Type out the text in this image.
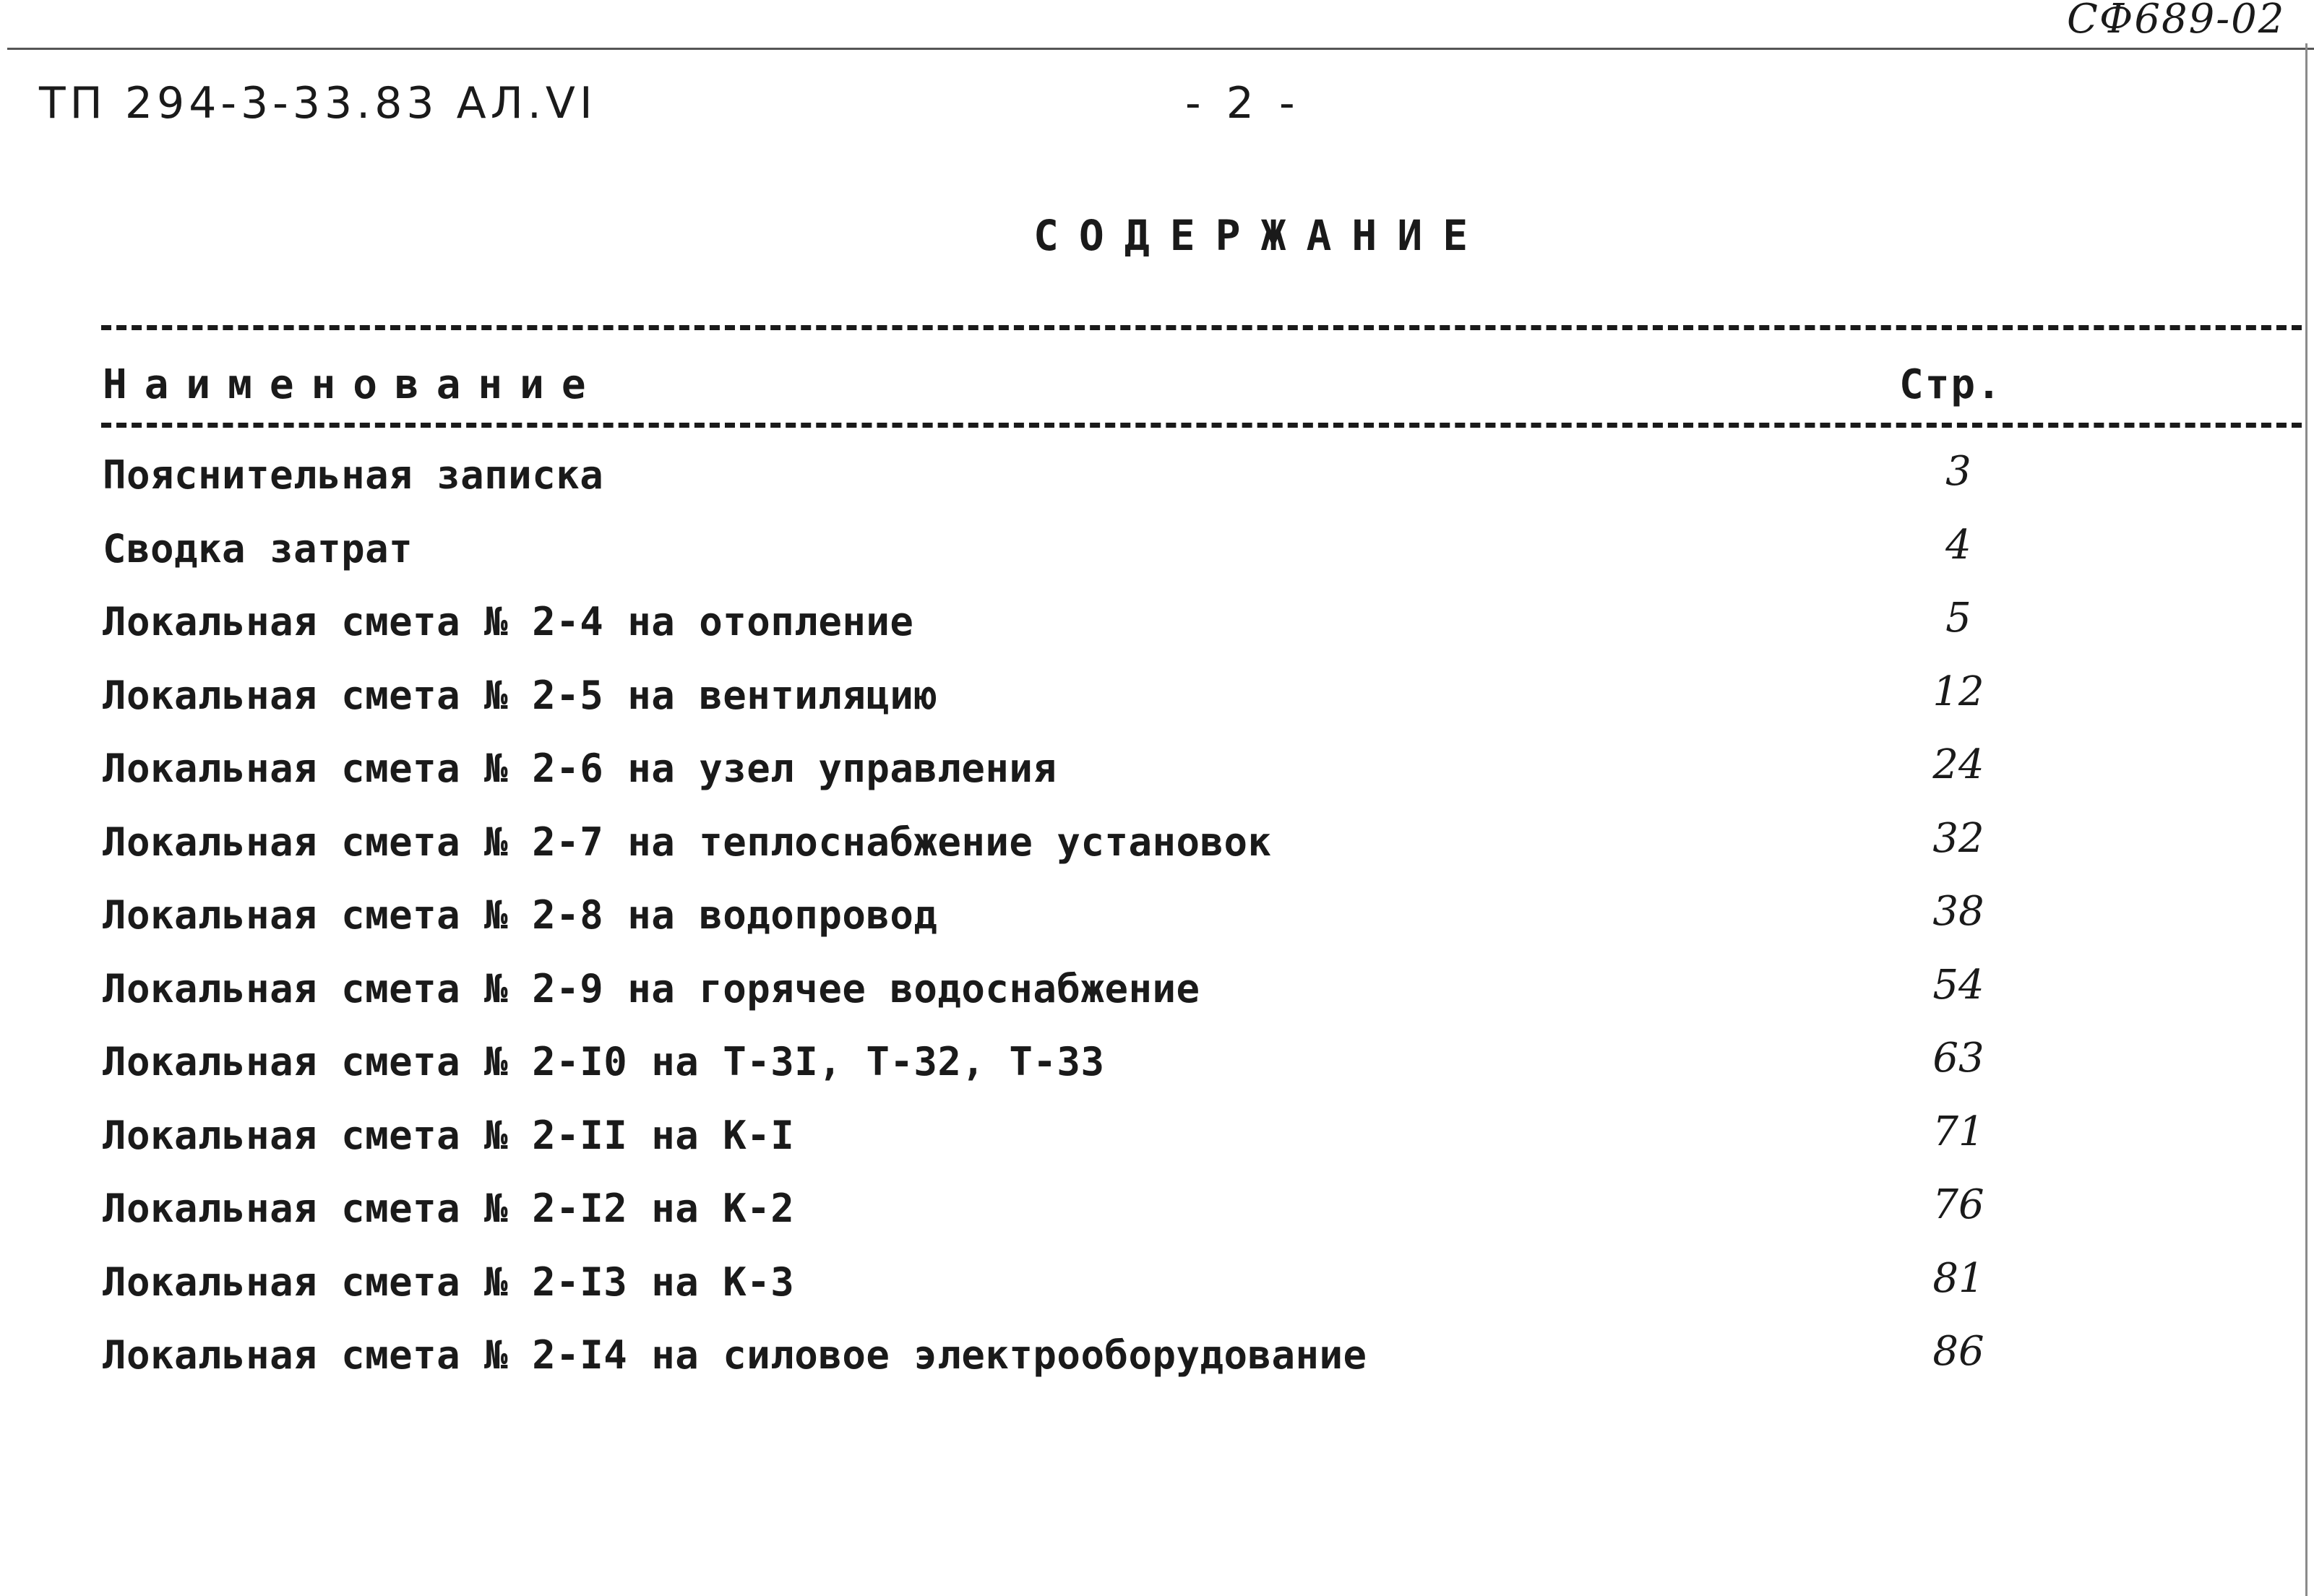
СФ689-02
ТП 294-3-33.83 АЛ.VI	- 2 -
СОДЕРЖАНИЕ
Наименование	Стр.
Пояснительная записка	3
Сводка затрат	4
Локальная смета № 2-4 на отопление	5
Локальная смета № 2-5 на вентиляцию	12
Локальная смета № 2-6 на узел управления	24
Локальная смета № 2-7 на теплоснабжение установок	32
Локальная смета № 2-8 на водопровод	38
Локальная смета № 2-9 на горячее водоснабжение	54
Локальная смета № 2-I0 на Т-3I, Т-32, Т-33	63
Локальная смета № 2-II на К-I	71
Локальная смета № 2-I2 на К-2	76
Локальная смета № 2-I3 на К-3	81
Локальная смета № 2-I4 на силовое электрооборудование	86
